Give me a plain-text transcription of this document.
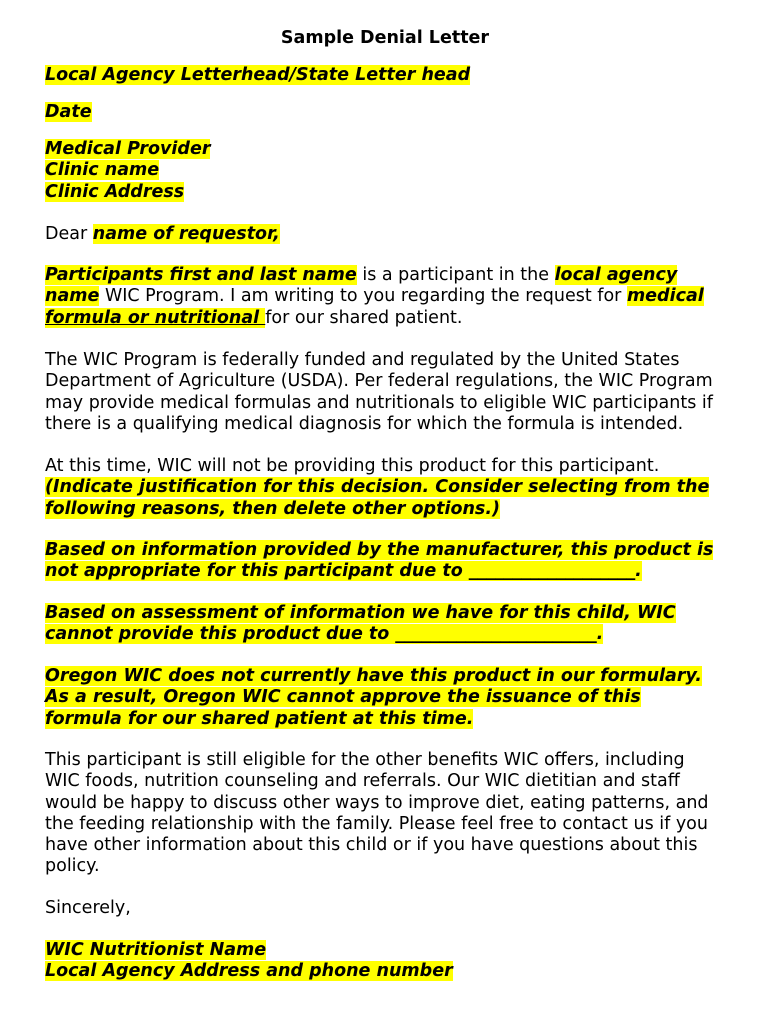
Sample Denial Letter
Local Agency Letterhead/State Letter head
Date
Medical Provider
Clinic name
Clinic Address
Dear name of requestor,
Participants first and last name is a participant in the local agency
name WIC Program. I am writing to you regarding the request for medical
formula or nutritional for our shared patient.
The WIC Program is federally funded and regulated by the United States
Department of Agriculture (USDA). Per federal regulations, the WIC Program
may provide medical formulas and nutritionals to eligible WIC participants if
there is a qualifying medical diagnosis for which the formula is intended.
At this time, WIC will not be providing this product for this participant.
(Indicate justification for this decision. Consider selecting from the
following reasons, then delete other options.)
Based on information provided by the manufacturer, this product is
not appropriate for this participant due to ___________________.
Based on assessment of information we have for this child, WIC
cannot provide this product due to _______________________.
Oregon WIC does not currently have this product in our formulary.
As a result, Oregon WIC cannot approve the issuance of this
formula for our shared patient at this time.
This participant is still eligible for the other benefits WIC offers, including
WIC foods, nutrition counseling and referrals. Our WIC dietitian and staff
would be happy to discuss other ways to improve diet, eating patterns, and
the feeding relationship with the family. Please feel free to contact us if you
have other information about this child or if you have questions about this
policy.
Sincerely,
WIC Nutritionist Name
Local Agency Address and phone number
